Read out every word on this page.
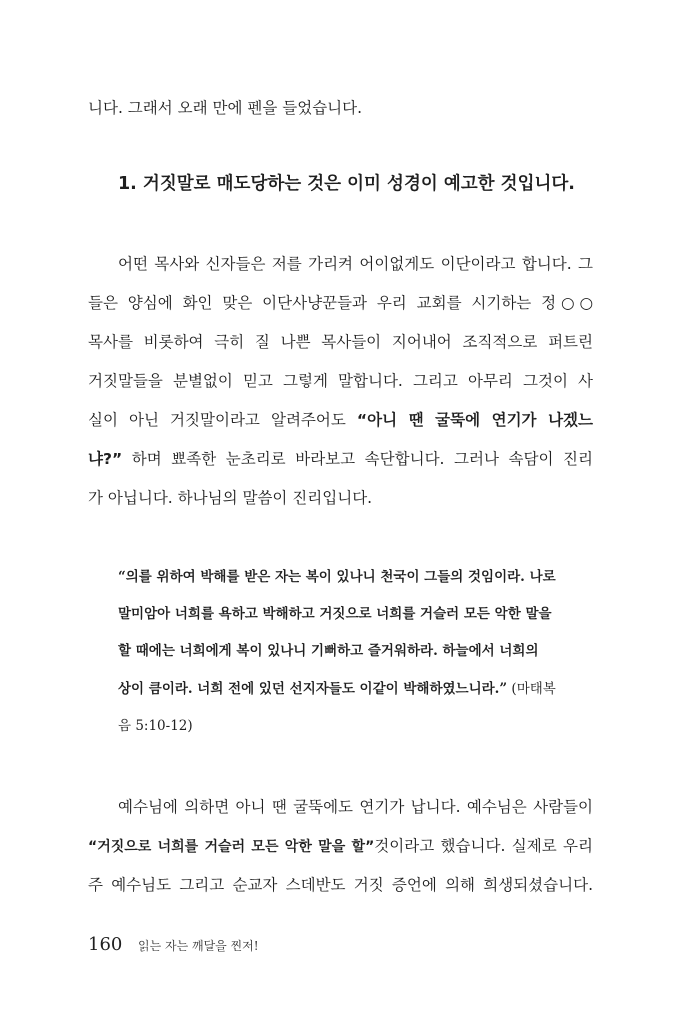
니다. 그래서 오래 만에 펜을 들었습니다.
1. 거짓말로 매도당하는 것은 이미 성경이 예고한 것입니다.
어떤 목사와 신자들은 저를 가리켜 어이없게도 이단이라고 합니다. 그
들은 양심에 화인 맞은 이단사냥꾼들과 우리 교회를 시기하는 정○○
목사를 비롯하여 극히 질 나쁜 목사들이 지어내어 조직적으로 퍼트린
거짓말들을 분별없이 믿고 그렇게 말합니다. 그리고 아무리 그것이 사
실이 아닌 거짓말이라고 알려주어도 “아니 땐 굴뚝에 연기가 나겠느
냐?” 하며 뾰족한 눈초리로 바라보고 속단합니다. 그러나 속담이 진리
가 아닙니다. 하나님의 말씀이 진리입니다.
“의를 위하여 박해를 받은 자는 복이 있나니 천국이 그들의 것임이라. 나로
말미암아 너희를 욕하고 박해하고 거짓으로 너희를 거슬러 모든 악한 말을
할 때에는 너희에게 복이 있나니 기뻐하고 즐거워하라. 하늘에서 너희의
상이 큼이라. 너희 전에 있던 선지자들도 이같이 박해하였느니라.” (마태복
음 5:10-12)
예수님에 의하면 아니 땐 굴뚝에도 연기가 납니다. 예수님은 사람들이
“거짓으로 너희를 거슬러 모든 악한 말을 할”것이라고 했습니다. 실제로 우리
주 예수님도 그리고 순교자 스데반도 거짓 증언에 의해 희생되셨습니다.
160 읽는 자는 깨달을 찐저!
